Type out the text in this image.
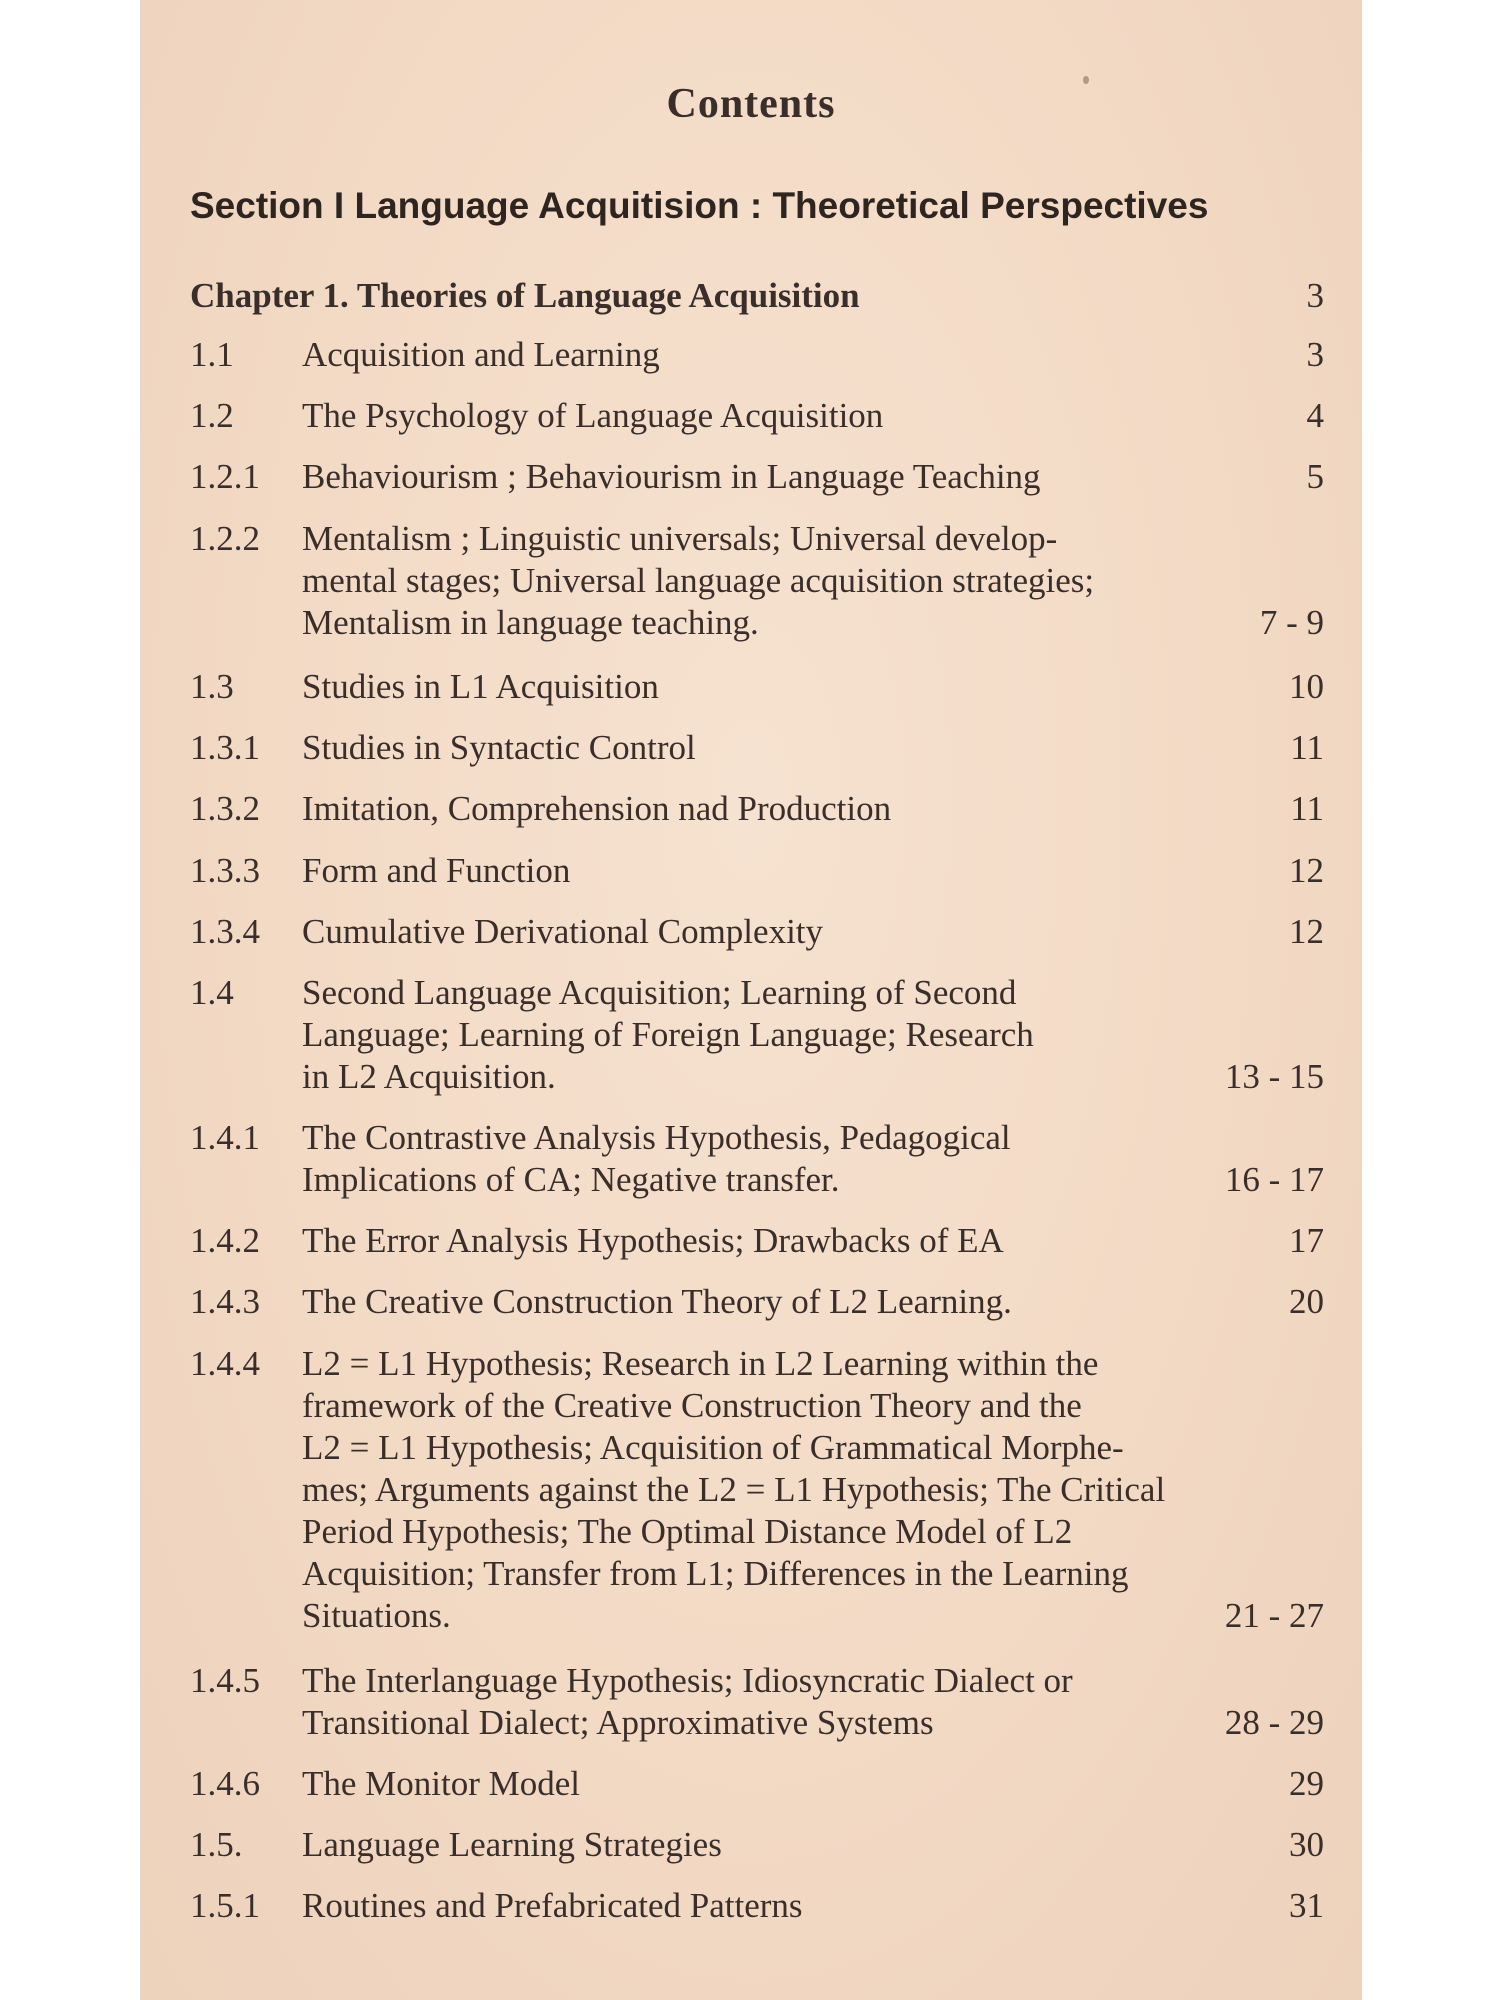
Contents
Section I Language Acquitision : Theoretical Perspectives
Chapter 1. Theories of Language Acquisition	3
1.1	Acquisition and Learning	3
1.2	The Psychology of Language Acquisition	4
1.2.1	Behaviourism ; Behaviourism in Language Teaching	5
1.2.2	Mentalism ; Linguistic universals; Universal develop-
mental stages; Universal language acquisition strategies;
Mentalism in language teaching.	7 - 9
1.3	Studies in L1 Acquisition	10
1.3.1	Studies in Syntactic Control	11
1.3.2	Imitation, Comprehension nad Production	11
1.3.3	Form and Function	12
1.3.4	Cumulative Derivational Complexity	12
1.4	Second Language Acquisition; Learning of Second
Language; Learning of Foreign Language; Research
in L2 Acquisition.	13 - 15
1.4.1	The Contrastive Analysis Hypothesis, Pedagogical
Implications of CA; Negative transfer.	16 - 17
1.4.2	The Error Analysis Hypothesis; Drawbacks of EA	17
1.4.3	The Creative Construction Theory of L2 Learning.	20
1.4.4	L2 = L1 Hypothesis; Research in L2 Learning within the
framework of the Creative Construction Theory and the
L2 = L1 Hypothesis; Acquisition of Grammatical Morphe-
mes; Arguments against the L2 = L1 Hypothesis; The Critical
Period Hypothesis; The Optimal Distance Model of L2
Acquisition; Transfer from L1; Differences in the Learning
Situations.	21 - 27
1.4.5	The Interlanguage Hypothesis; Idiosyncratic Dialect or
Transitional Dialect; Approximative Systems	28 - 29
1.4.6	The Monitor Model	29
1.5.	Language Learning Strategies	30
1.5.1	Routines and Prefabricated Patterns	31
